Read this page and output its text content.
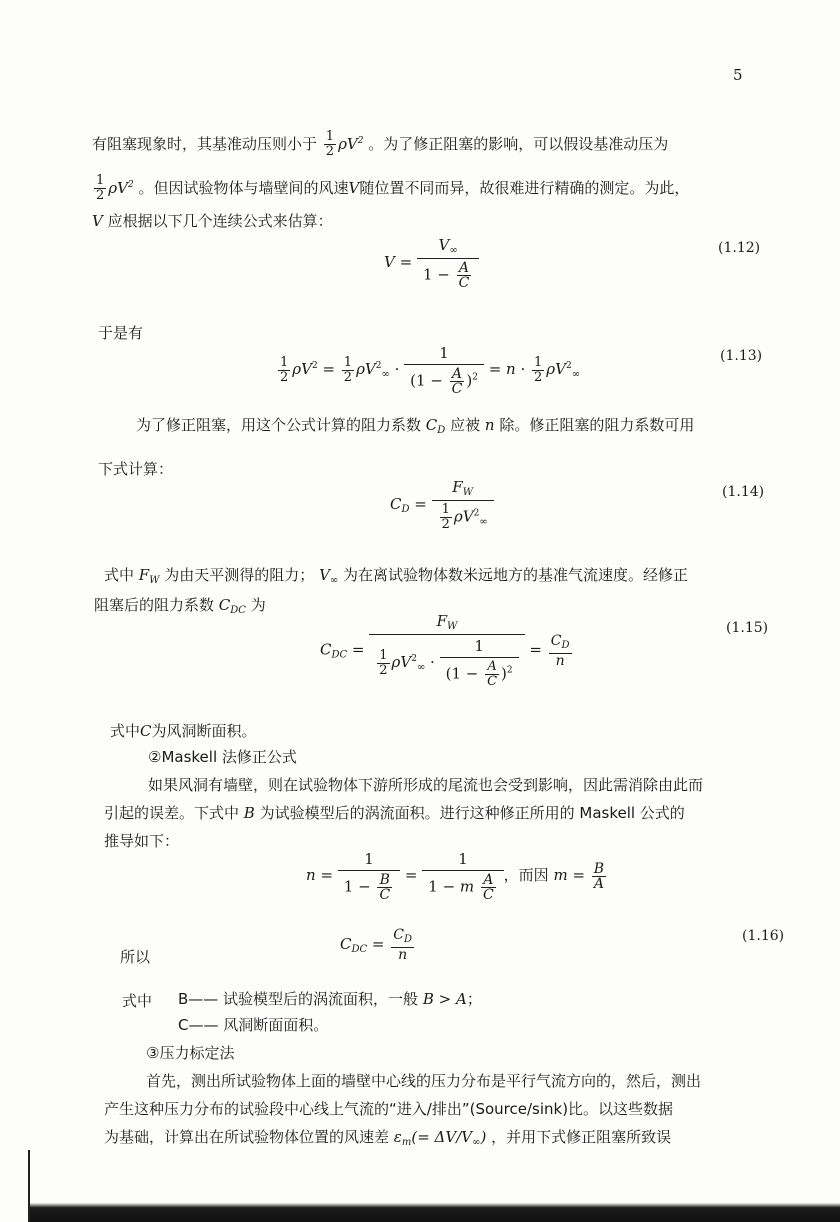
5
有阻塞现象时，其基准动压则小于 $\frac{1}{2} \rho V^2$ 。为了修正阻塞的影响，可以假设基准动压为
$\frac{1}{2} \rho V^2$ 。但因试验物体与墙壁间的风速V随位置不同而异，故很难进行精确的测定。为此，
V 应根据以下几个连续公式来估算：
$V = \frac{V_\infty}{1 - \frac{A}{C}}$	(1.12)
于是有
$\frac{1}{2} \rho V^2 = \frac{1}{2} \rho V^2_\infty \cdot \frac{1}{(1 - \frac{A}{C} )^2} = n \cdot \frac{1}{2} \rho V^2_\infty$
(1.13)
为了修正阻塞，用这个公式计算的阻力系数 $C_D$ 应被 n 除。修正阻塞的阻力系数可用
下式计算：
$C_D = \frac{F_W}{\frac{1}{2} \rho V^2_\infty}$	(1.14)
式中 $F_W$ 为由天平测得的阻力； $V_\infty$ 为在离试验物体数米远地方的基准气流速度。经修正
阻塞后的阻力系数 $C_{DC}$ 为
$C_{DC} = \frac{F_W}{\frac{1}{2} \rho V^2_\infty \cdot \frac{1}{(1 - \frac{A}{C} )^2}} = \frac{C_D}{n}$
(1.15)
式中C为风洞断面积。
②Maskell 法修正公式
如果风洞有墙壁，则在试验物体下游所形成的尾流也会受到影响，因此需消除由此而
引起的误差。下式中 B 为试验模型后的涡流面积。进行这种修正所用的 Maskell 公式的
推导如下：
$n = \frac{1}{1 - \frac{B}{C}} = \frac{1}{1 - m \frac{A}{C}}$ ，而因 $m = \frac{B}{A}$
所以
$C_{DC} = \frac{C_D}{n}$	(1.16)
式中 B—— 试验模型后的涡流面积，一般 B > A；
C—— 风洞断面面积。
③压力标定法
首先，测出所试验物体上面的墙壁中心线的压力分布是平行气流方向的，然后，测出
产生这种压力分布的试验段中心线上气流的“进入/排出”(Source/sink)比。以这些数据
为基础，计算出在所试验物体位置的风速差 $\varepsilon_m(= \Delta V/V_\infty)$ ，并用下式修正阻塞所致误
